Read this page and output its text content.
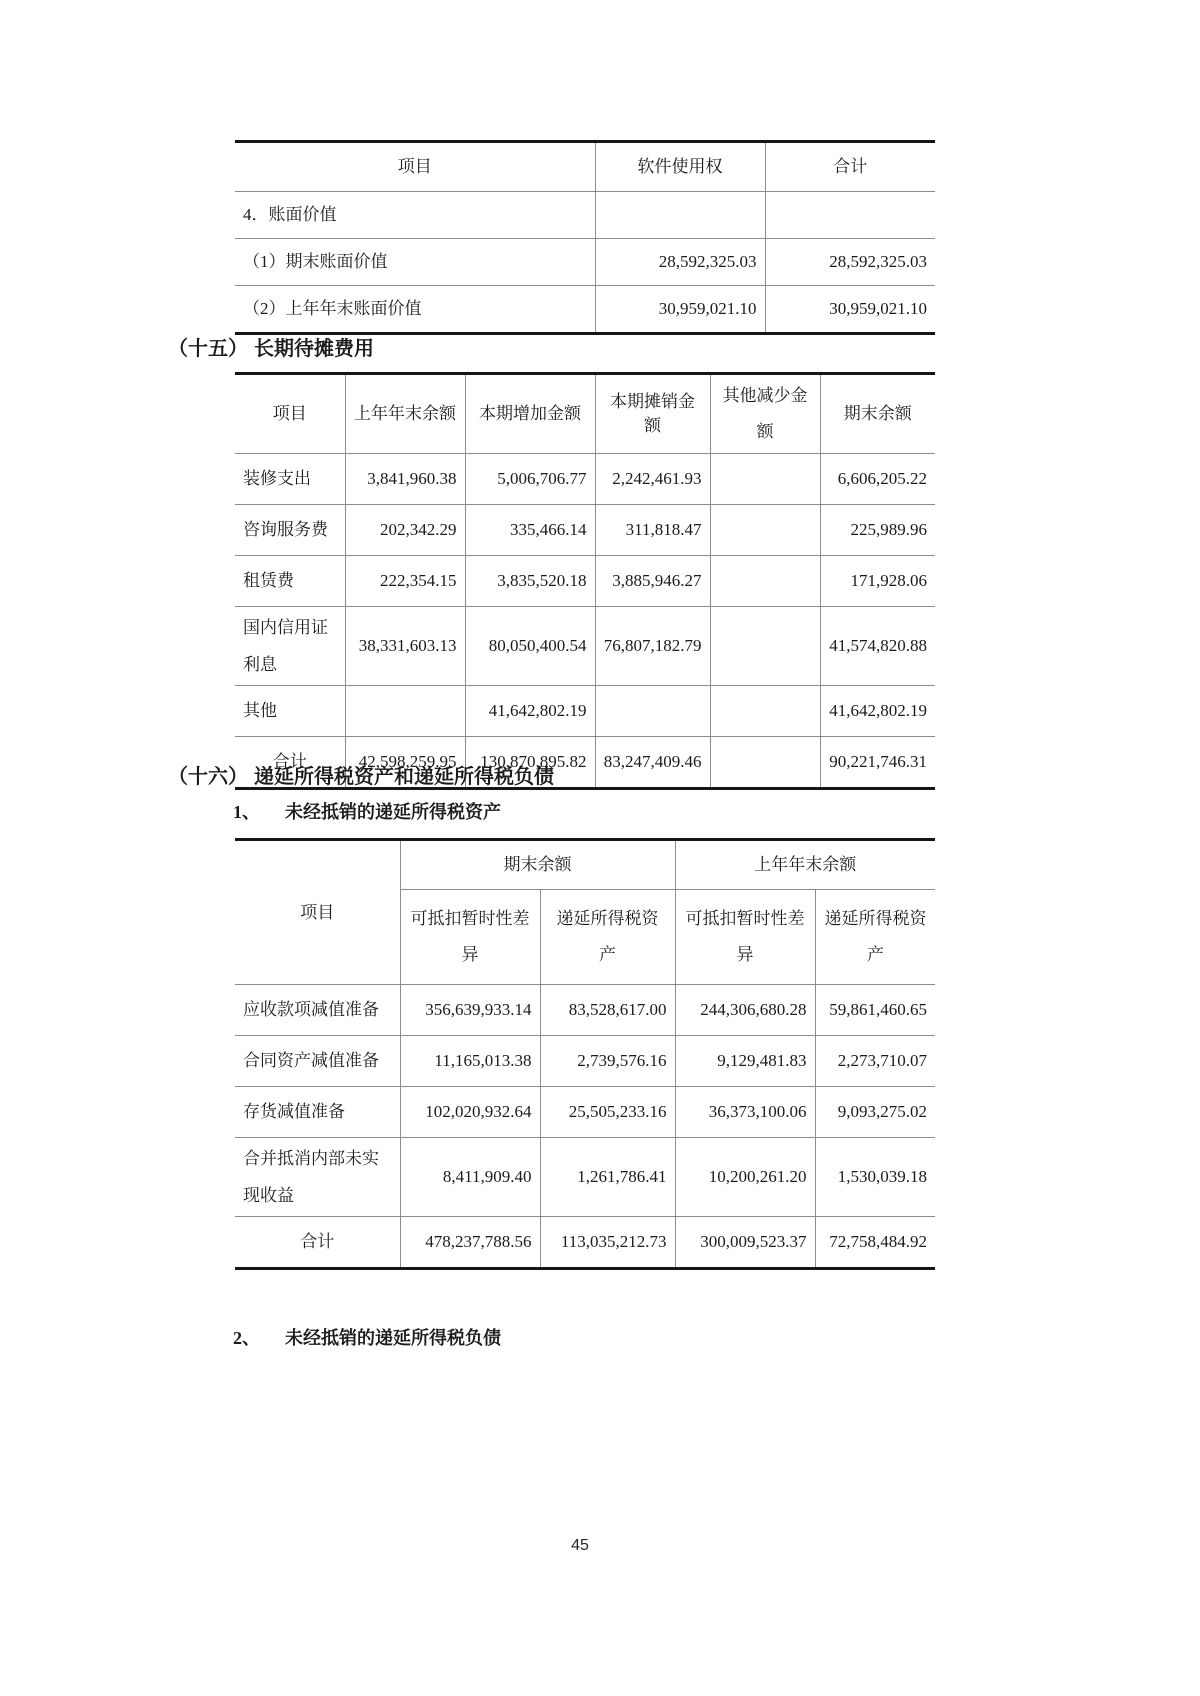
项目	软件使用权	合计
4．账面价值		
（1）期末账面价值	28,592,325.03	28,592,325.03
（2）上年年末账面价值	30,959,021.10	30,959,021.10
（十五） 长期待摊费用
项目	上年年末余额	本期增加金额	本期摊销金额	其他减少金额	期末余额
装修支出	3,841,960.38	5,006,706.77	2,242,461.93		6,606,205.22
咨询服务费	202,342.29	335,466.14	311,818.47		225,989.96
租赁费	222,354.15	3,835,520.18	3,885,946.27		171,928.06
国内信用证利息	38,331,603.13	80,050,400.54	76,807,182.79		41,574,820.88
其他		41,642,802.19			41,642,802.19
合计	42,598,259.95	130,870,895.82	83,247,409.46		90,221,746.31
（十六） 递延所得税资产和递延所得税负债
1、 未经抵销的递延所得税资产
项目	期末余额		上年年末余额	
	可抵扣暂时性差异	递延所得税资产	可抵扣暂时性差异	递延所得税资产
应收款项减值准备	356,639,933.14	83,528,617.00	244,306,680.28	59,861,460.65
合同资产减值准备	11,165,013.38	2,739,576.16	9,129,481.83	2,273,710.07
存货减值准备	102,020,932.64	25,505,233.16	36,373,100.06	9,093,275.02
合并抵消内部未实现收益	8,411,909.40	1,261,786.41	10,200,261.20	1,530,039.18
合计	478,237,788.56	113,035,212.73	300,009,523.37	72,758,484.92
2、 未经抵销的递延所得税负债
45
